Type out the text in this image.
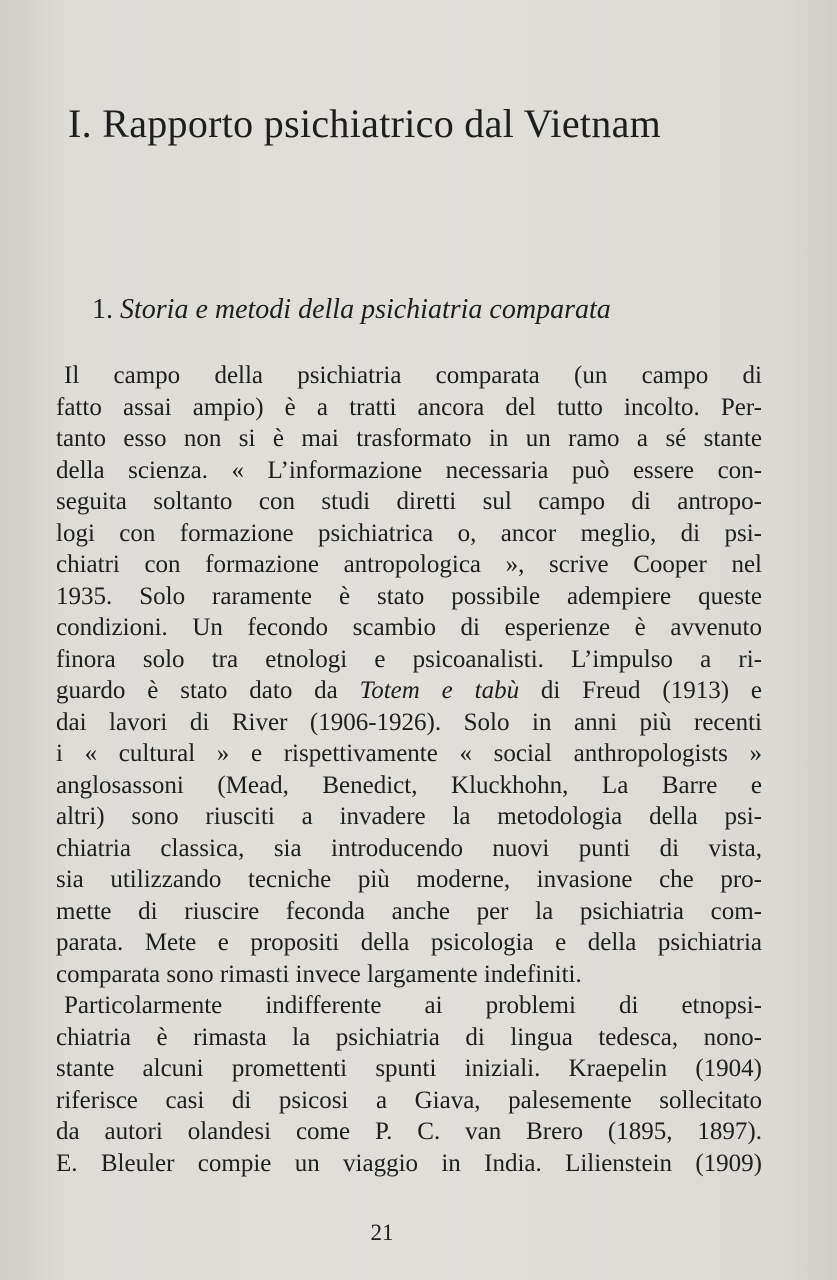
I. Rapporto psichiatrico dal Vietnam
1. Storia e metodi della psichiatria comparata
Il campo della psichiatria comparata (un campo di
fatto assai ampio) è a tratti ancora del tutto incolto. Per-
tanto esso non si è mai trasformato in un ramo a sé stante
della scienza. « L’informazione necessaria può essere con-
seguita soltanto con studi diretti sul campo di antropo-
logi con formazione psichiatrica o, ancor meglio, di psi-
chiatri con formazione antropologica », scrive Cooper nel
1935. Solo raramente è stato possibile adempiere queste
condizioni. Un fecondo scambio di esperienze è avvenuto
finora solo tra etnologi e psicoanalisti. L’impulso a ri-
guardo è stato dato da Totem e tabù di Freud (1913) e
dai lavori di River (1906-1926). Solo in anni più recenti
i « cultural » e rispettivamente « social anthropologists »
anglosassoni (Mead, Benedict, Kluckhohn, La Barre e
altri) sono riusciti a invadere la metodologia della psi-
chiatria classica, sia introducendo nuovi punti di vista,
sia utilizzando tecniche più moderne, invasione che pro-
mette di riuscire feconda anche per la psichiatria com-
parata. Mete e propositi della psicologia e della psichiatria
comparata sono rimasti invece largamente indefiniti.
Particolarmente indifferente ai problemi di etnopsi-
chiatria è rimasta la psichiatria di lingua tedesca, nono-
stante alcuni promettenti spunti iniziali. Kraepelin (1904)
riferisce casi di psicosi a Giava, palesemente sollecitato
da autori olandesi come P. C. van Brero (1895, 1897).
E. Bleuler compie un viaggio in India. Lilienstein (1909)
21
